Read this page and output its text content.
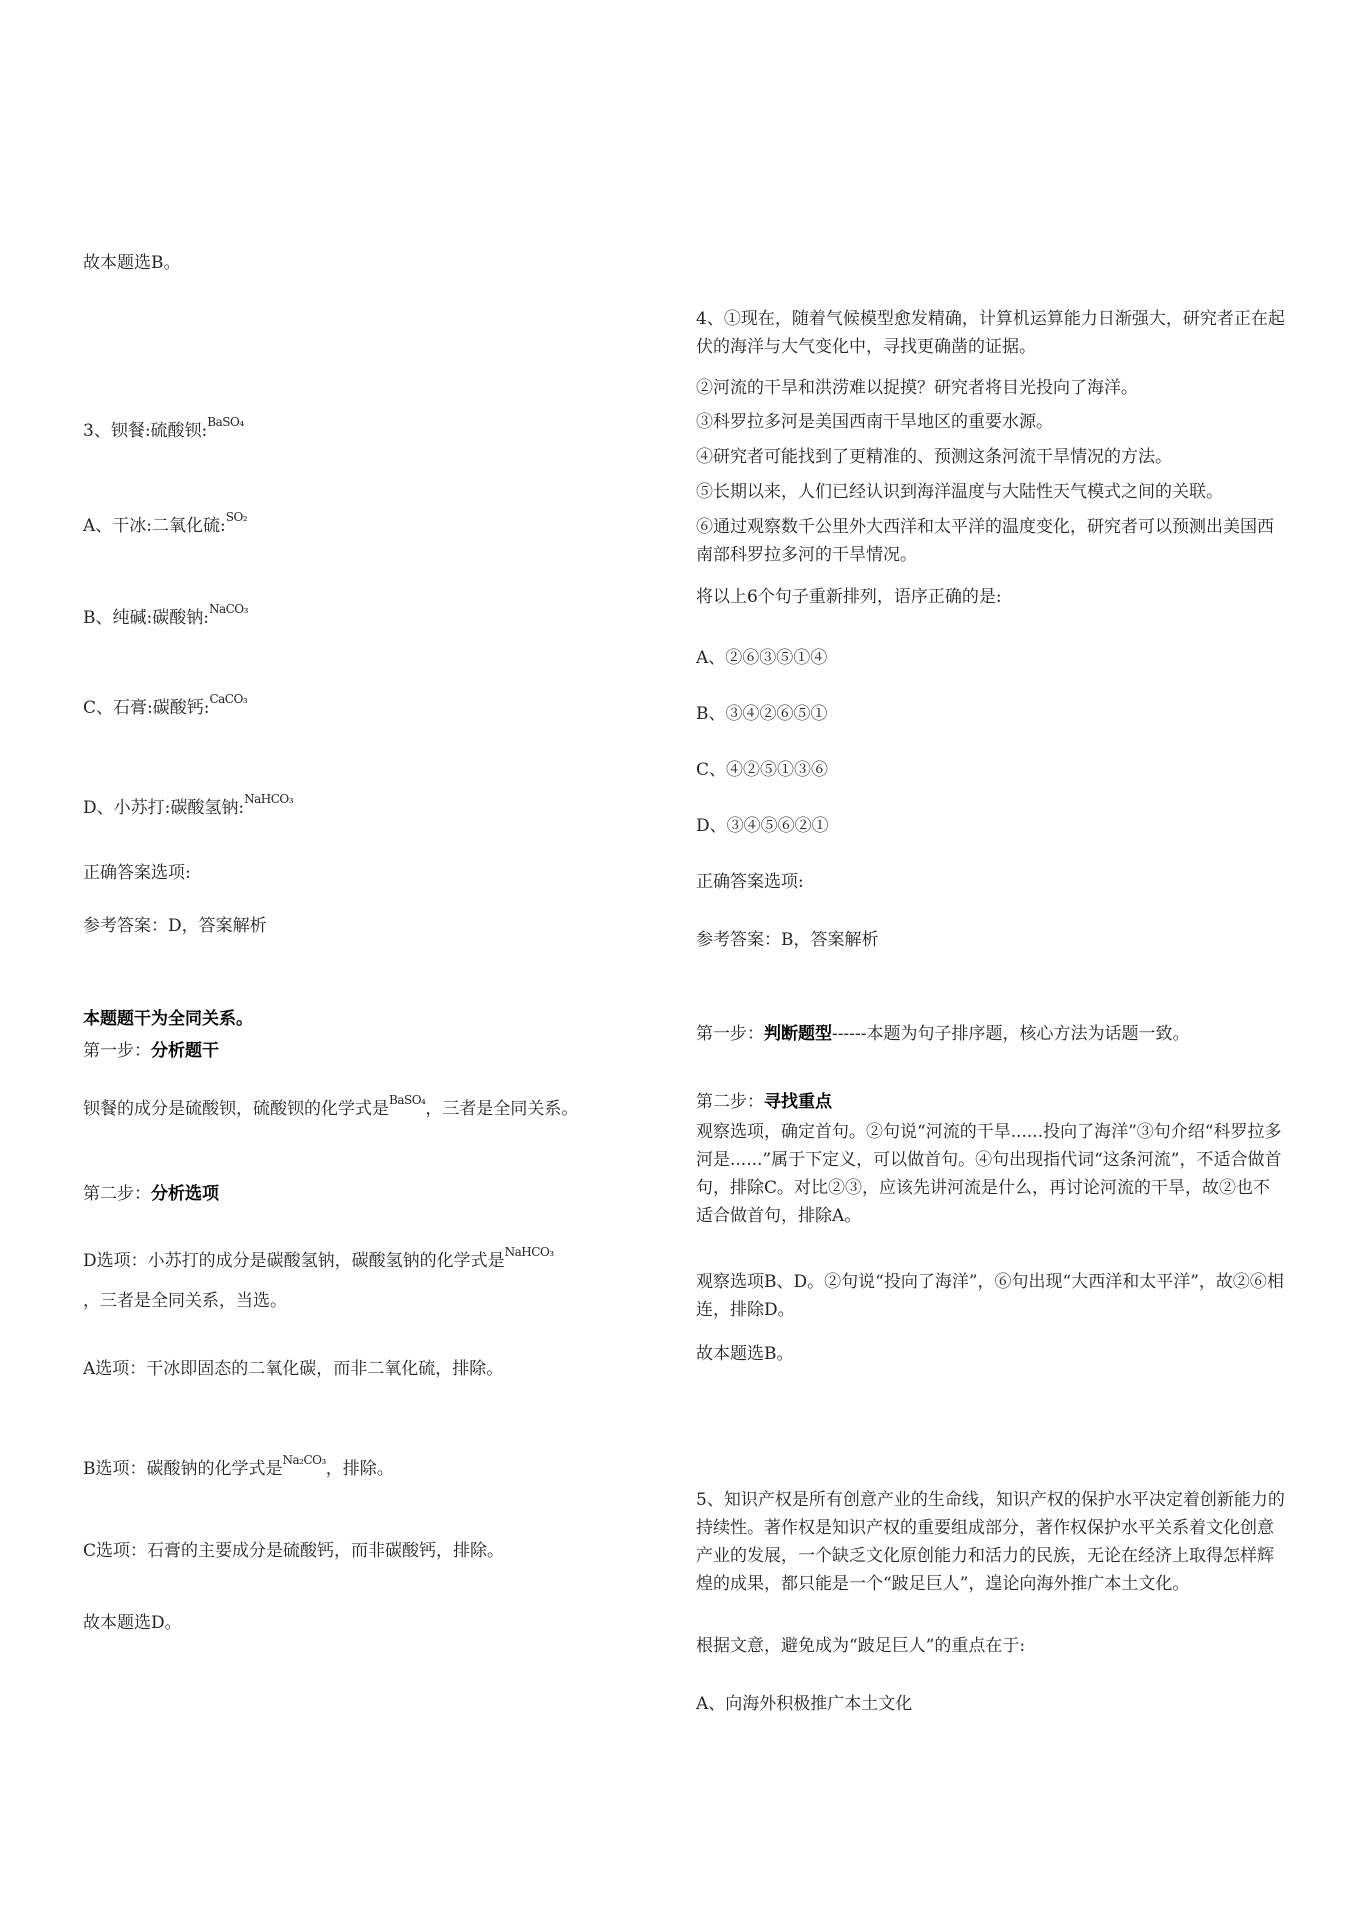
故本题选B。
3、钡餐:硫酸钡:$^{BaSO_4}$
A、干冰:二氧化硫:$^{SO_2}$
B、纯碱:碳酸钠:$^{NaCO_3}$
C、石膏:碳酸钙:$^{CaCO_3}$
D、小苏打:碳酸氢钠:$^{NaHCO_3}$
正确答案选项:
参考答案：D，答案解析
本题题干为全同关系。
第一步：分析题干
钡餐的成分是硫酸钡，硫酸钡的化学式是$^{BaSO_4}$，三者是全同关系。
第二步：分析选项
D选项：小苏打的成分是碳酸氢钠，碳酸氢钠的化学式是$^{NaHCO_3}$
，三者是全同关系，当选。
A选项：干冰即固态的二氧化碳，而非二氧化硫，排除。
B选项：碳酸钠的化学式是$^{Na_2CO_3}$，排除。
C选项：石膏的主要成分是硫酸钙，而非碳酸钙，排除。
故本题选D。
4、①现在，随着气候模型愈发精确，计算机运算能力日渐强大，研究者正在起伏的海洋与大气变化中，寻找更确凿的证据。
②河流的干旱和洪涝难以捉摸？研究者将目光投向了海洋。
③科罗拉多河是美国西南干旱地区的重要水源。
④研究者可能找到了更精准的、预测这条河流干旱情况的方法。
⑤长期以来，人们已经认识到海洋温度与大陆性天气模式之间的关联。
⑥通过观察数千公里外大西洋和太平洋的温度变化，研究者可以预测出美国西南部科罗拉多河的干旱情况。
将以上6个句子重新排列，语序正确的是:
A、②⑥③⑤①④
B、③④②⑥⑤①
C、④②⑤①③⑥
D、③④⑤⑥②①
正确答案选项:
参考答案：B，答案解析
第一步：判断题型------本题为句子排序题，核心方法为话题一致。
第二步：寻找重点
观察选项，确定首句。②句说“河流的干旱......投向了海洋”③句介绍“科罗拉多河是......”属于下定义，可以做首句。④句出现指代词“这条河流”，不适合做首句，排除C。对比②③，应该先讲河流是什么，再讨论河流的干旱，故②也不适合做首句，排除A。
观察选项B、D。②句说“投向了海洋”，⑥句出现“大西洋和太平洋”，故②⑥相连，排除D。
故本题选B。
5、知识产权是所有创意产业的生命线，知识产权的保护水平决定着创新能力的持续性。著作权是知识产权的重要组成部分，著作权保护水平关系着文化创意产业的发展，一个缺乏文化原创能力和活力的民族，无论在经济上取得怎样辉煌的成果，都只能是一个“跛足巨人”，遑论向海外推广本土文化。
根据文意，避免成为“跛足巨人”的重点在于:
A、向海外积极推广本土文化
